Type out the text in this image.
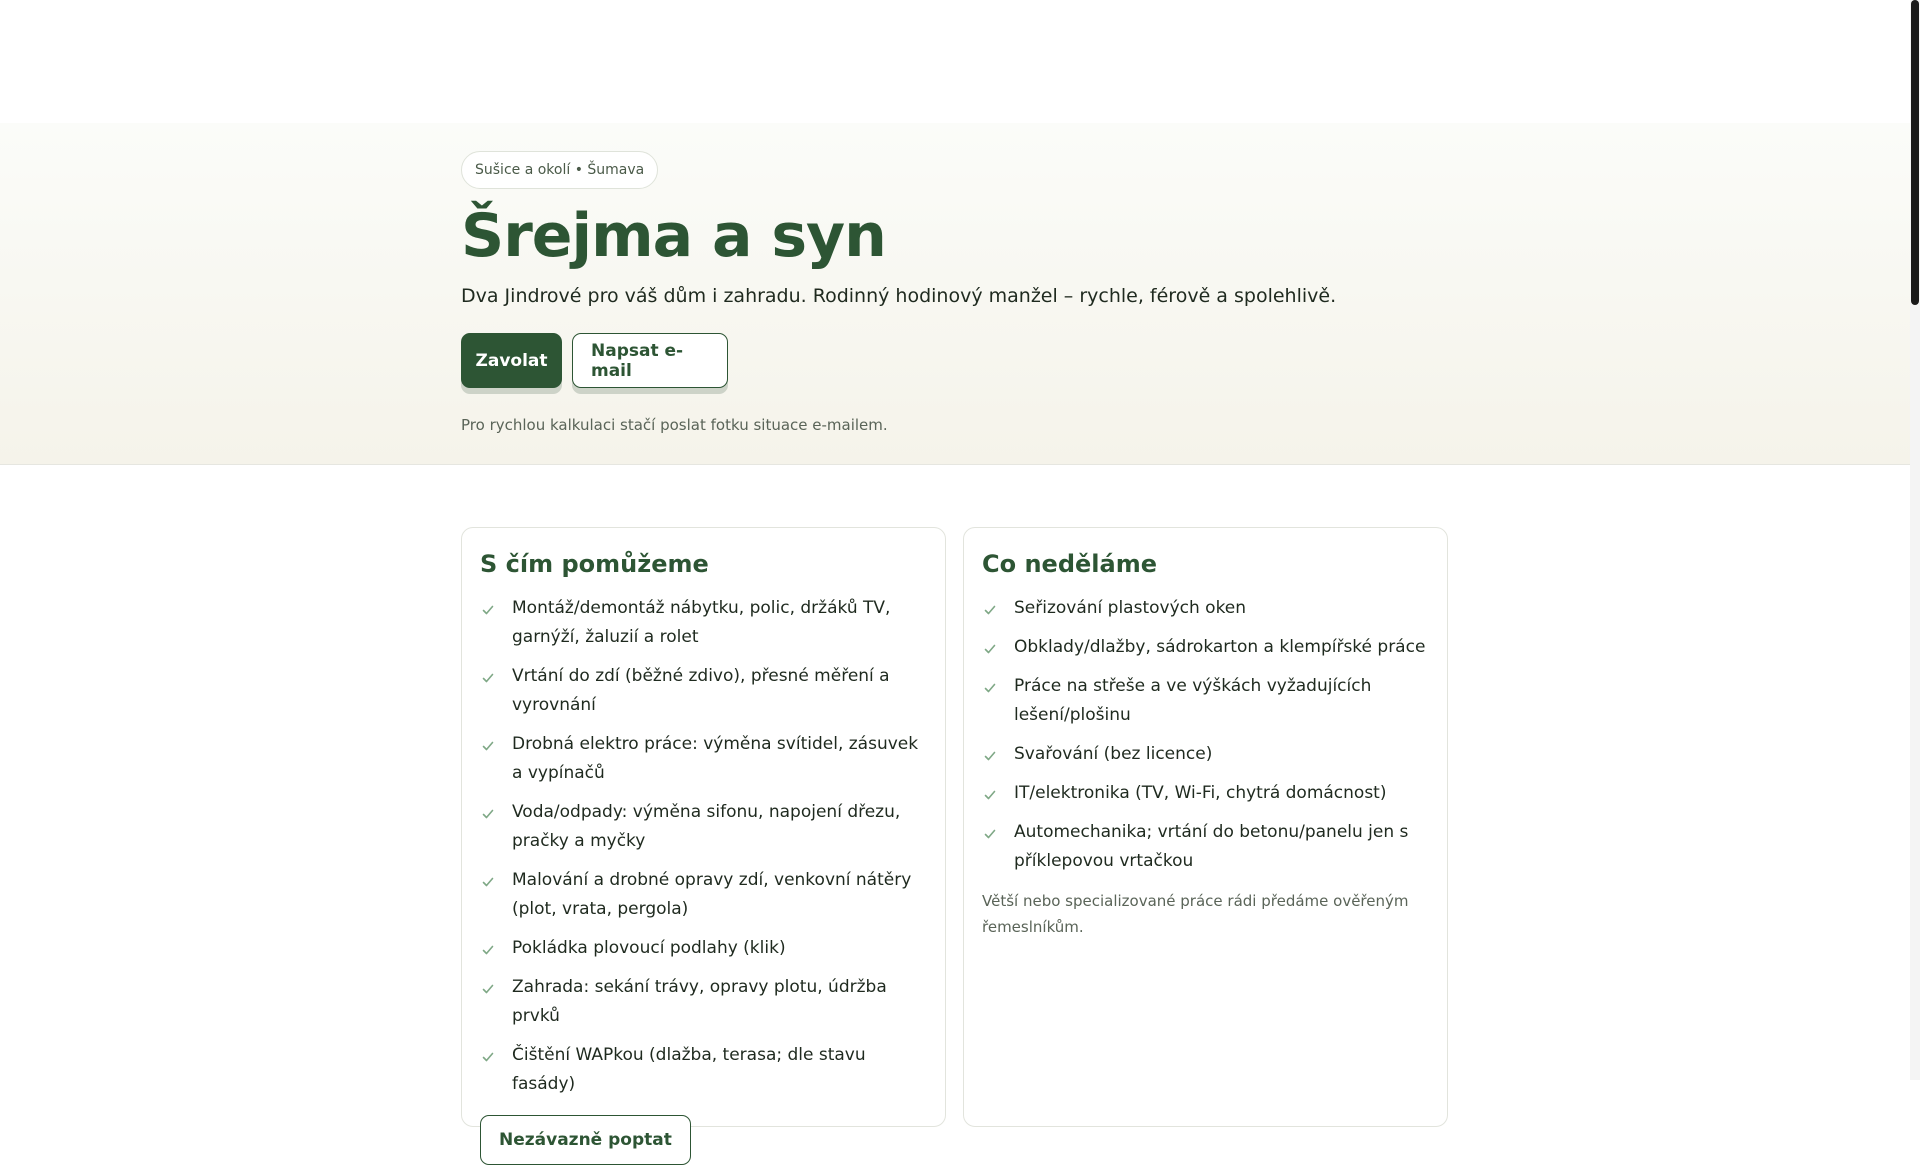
Sušice a okolí • Šumava
Šrejma a syn
Dva Jindrové pro váš dům i zahradu. Rodinný hodinový manžel – rychle, férově a spolehlivě.
Zavolat	Napsat e-mail
Pro rychlou kalkulaci stačí poslat fotku situace e-mailem.
S čím pomůžeme
Montáž/demontáž nábytku, polic, držáků TV, garnýží, žaluzií a rolet
Vrtání do zdí (běžné zdivo), přesné měření a vyrovnání
Drobná elektro práce: výměna svítidel, zásuvek a vypínačů
Voda/odpady: výměna sifonu, napojení dřezu, pračky a myčky
Malování a drobné opravy zdí, venkovní nátěry (plot, vrata, pergola)
Pokládka plovoucí podlahy (klik)
Zahrada: sekání trávy, opravy plotu, údržba prvků
Čištění WAPkou (dlažba, terasa; dle stavu fasády)
Nezávazně poptat
Co neděláme
Seřizování plastových oken
Obklady/dlažby, sádrokarton a klempířské práce
Práce na střeše a ve výškách vyžadujících lešení/plošinu
Svařování (bez licence)
IT/elektronika (TV, Wi-Fi, chytrá domácnost)
Automechanika; vrtání do betonu/panelu jen s příklepovou vrtačkou
Větší nebo specializované práce rádi předáme ověřeným řemeslníkům.
